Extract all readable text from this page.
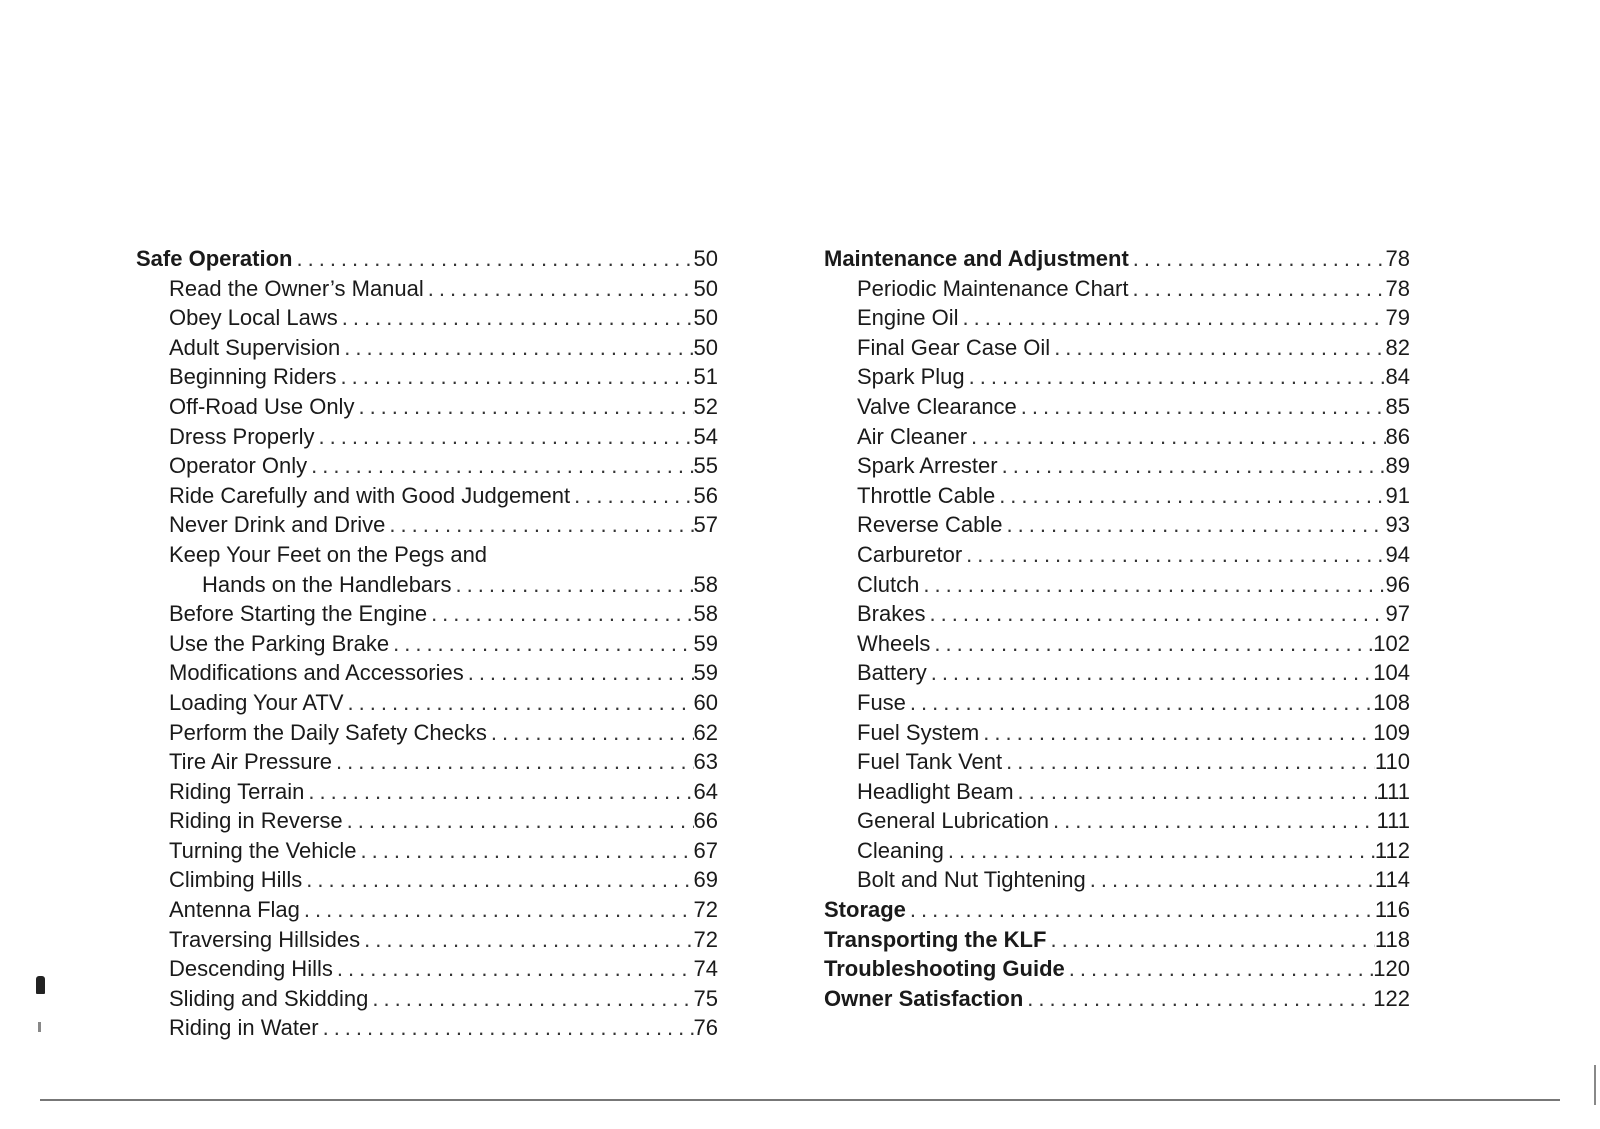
Safe Operation .....	50
Read the Owner’s Manual .....	50
Obey Local Laws .....	50
Adult Supervision .....	50
Beginning Riders .....	51
Off-Road Use Only .....	52
Dress Properly .....	54
Operator Only .....	55
Ride Carefully and with Good Judgement .....	56
Never Drink and Drive .....	57
Keep Your Feet on the Pegs and
Hands on the Handlebars .....	58
Before Starting the Engine .....	58
Use the Parking Brake .....	59
Modifications and Accessories .....	59
Loading Your ATV .....	60
Perform the Daily Safety Checks .....	62
Tire Air Pressure .....	63
Riding Terrain .....	64
Riding in Reverse .....	66
Turning the Vehicle .....	67
Climbing Hills .....	69
Antenna Flag .....	72
Traversing Hillsides .....	72
Descending Hills .....	74
Sliding and Skidding .....	75
Riding in Water .....	76
Maintenance and Adjustment .....	78
Periodic Maintenance Chart .....	78
Engine Oil .....	79
Final Gear Case Oil .....	82
Spark Plug .....	84
Valve Clearance .....	85
Air Cleaner .....	86
Spark Arrester .....	89
Throttle Cable .....	91
Reverse Cable .....	93
Carburetor .....	94
Clutch .....	96
Brakes .....	97
Wheels .....	102
Battery .....	104
Fuse .....	108
Fuel System .....	109
Fuel Tank Vent .....	110
Headlight Beam .....	111
General Lubrication .....	111
Cleaning .....	112
Bolt and Nut Tightening .....	114
Storage .....	116
Transporting the KLF .....	118
Troubleshooting Guide .....	120
Owner Satisfaction .....	122
